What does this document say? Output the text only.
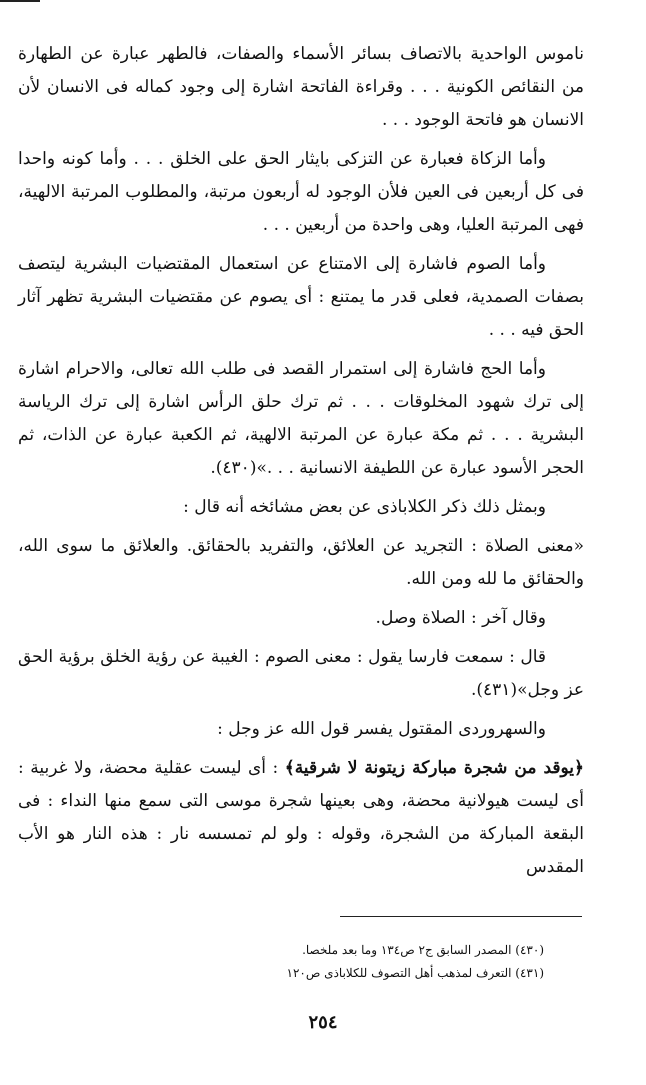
ناموس الواحدية بالاتصاف بسائر الأسماء والصفات، فالطهر عبارة عن الطهارة من النقائص الكونية . . . وقراءة الفاتحة اشارة إلى وجود كماله فى الانسان لأن الانسان هو فاتحة الوجود . . .

وأما الزكاة فعبارة عن التزكى بايثار الحق على الخلق . . . وأما كونه واحدا فى كل أربعين فى العين فلأن الوجود له أربعون مرتبة، والمطلوب المرتبة الالهية، فهى المرتبة العليا، وهى واحدة من أربعين . . .

وأما الصوم فاشارة إلى الامتناع عن استعمال المقتضيات البشرية ليتصف بصفات الصمدية، فعلى قدر ما يمتنع : أى يصوم عن مقتضيات البشرية تظهر آثار الحق فيه . . .

وأما الحج فاشارة إلى استمرار القصد فى طلب الله تعالى، والاحرام اشارة إلى ترك شهود المخلوقات . . . ثم ترك حلق الرأس اشارة إلى ترك الرياسة البشرية . . . ثم مكة عبارة عن المرتبة الالهية، ثم الكعبة عبارة عن الذات، ثم الحجر الأسود عبارة عن اللطيفة الانسانية . . .»(٤٣٠).

وبمثل ذلك ذكر الكلاباذى عن بعض مشائخه أنه قال :

«معنى الصلاة : التجريد عن العلائق، والتفريد بالحقائق. والعلائق ما سوى الله، والحقائق ما لله ومن الله.

وقال آخر : الصلاة وصل.

قال : سمعت فارسا يقول : معنى الصوم : الغيبة عن رؤية الخلق برؤية الحق عز وجل»(٤٣١).

والسهروردى المقتول يفسر قول الله عز وجل :

﴿يوقد من شجرة مباركة زيتونة لا شرقية﴾ : أى ليست عقلية محضة، ولا غربية : أى ليست هيولانية محضة، وهى بعينها شجرة موسى التى سمع منها النداء : فى البقعة المباركة من الشجرة، وقوله : ولو لم تمسسه نار : هذه النار هو الأب المقدس

(٤٣٠) المصدر السابق ج٢ ص١٣٤ وما بعد ملخصا.
(٤٣١) التعرف لمذهب أهل التصوف للكلاباذى ص١٢٠
٢٥٤
